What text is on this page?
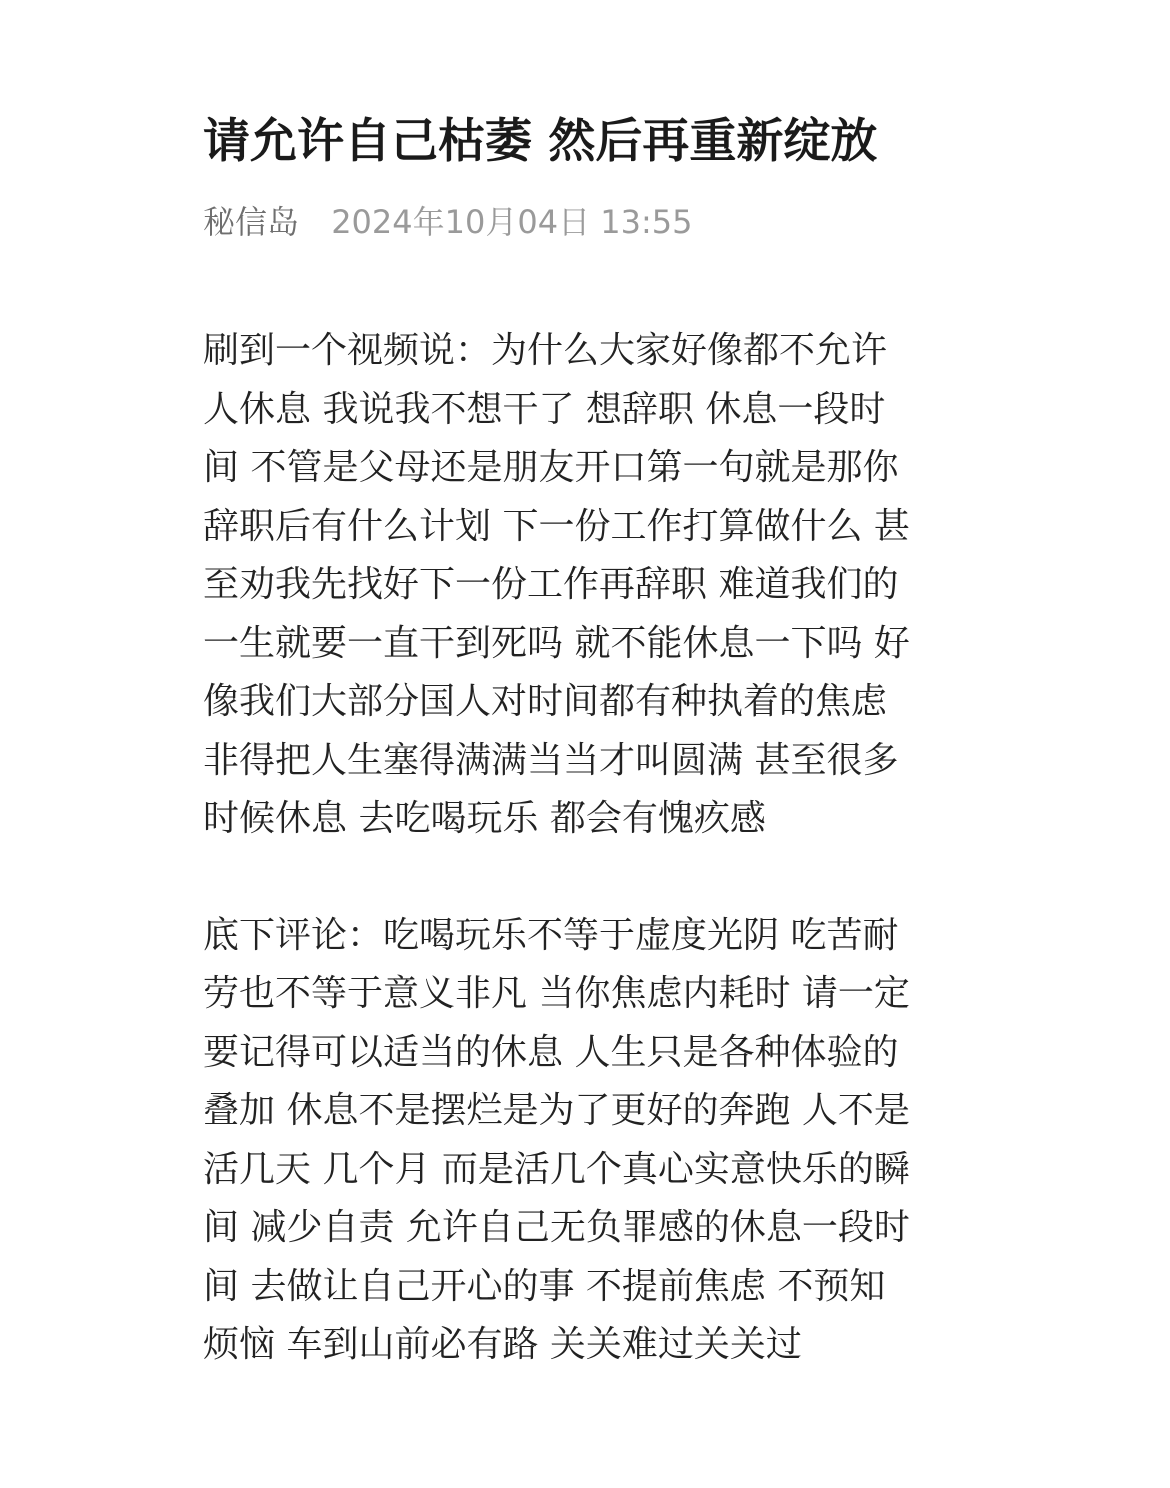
请允许自己枯萎 然后再重新绽放
秘信岛 2024年10月04日 13:55

刷到一个视频说：为什么大家好像都不允许
人休息 我说我不想干了 想辞职 休息一段时
间 不管是父母还是朋友开口第一句就是那你
辞职后有什么计划 下一份工作打算做什么 甚
至劝我先找好下一份工作再辞职 难道我们的
一生就要一直干到死吗 就不能休息一下吗 好
像我们大部分国人对时间都有种执着的焦虑
非得把人生塞得满满当当才叫圆满 甚至很多
时候休息 去吃喝玩乐 都会有愧疚感

底下评论：吃喝玩乐不等于虚度光阴 吃苦耐
劳也不等于意义非凡 当你焦虑内耗时 请一定
要记得可以适当的休息 人生只是各种体验的
叠加 休息不是摆烂是为了更好的奔跑 人不是
活几天 几个月 而是活几个真心实意快乐的瞬
间 减少自责 允许自己无负罪感的休息一段时
间 去做让自己开心的事 不提前焦虑 不预知
烦恼 车到山前必有路 关关难过关关过
